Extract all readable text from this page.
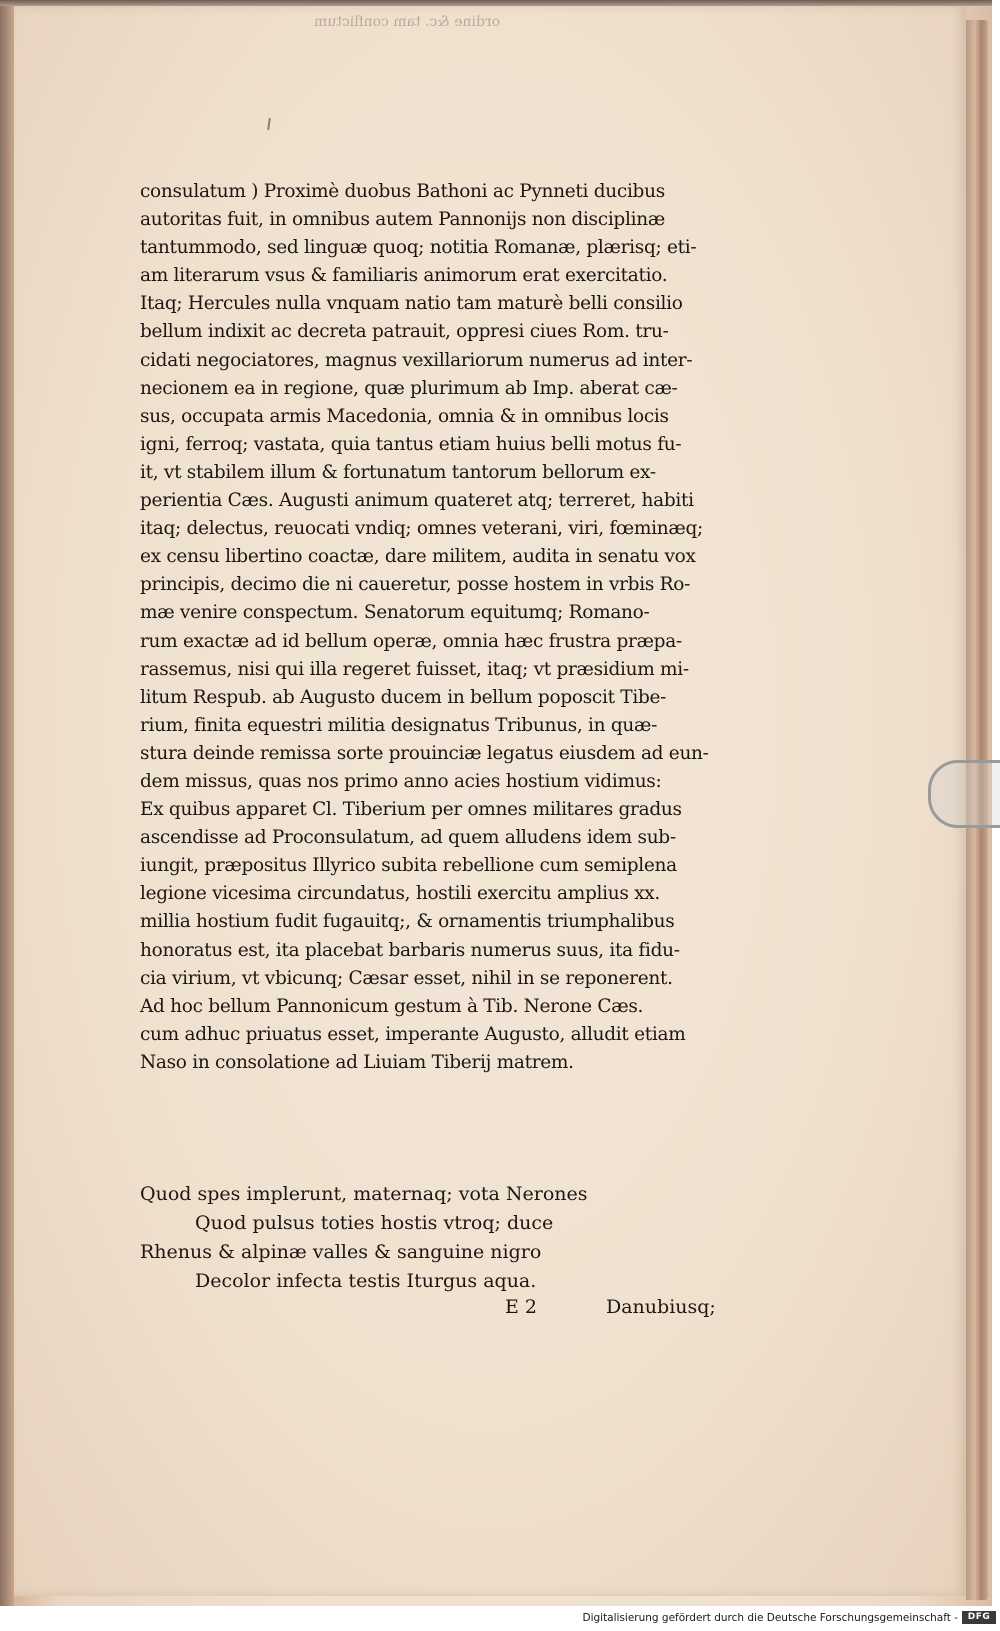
ordine &c. tam conflictum
consulatum ) Proximè duobus Bathoni ac Pynneti ducibus
autoritas fuit, in omnibus autem Pannonijs non disciplinæ
tantummodo, sed linguæ quoq; notitia Romanæ, plærisq; eti-
am literarum vsus & familiaris animorum erat exercitatio.
Itaq; Hercules nulla vnquam natio tam maturè belli consilio
bellum indixit ac decreta patrauit, oppresi ciues Rom. tru-
cidati negociatores, magnus vexillariorum numerus ad inter-
necionem ea in regione, quæ plurimum ab Imp. aberat cæ-
sus, occupata armis Macedonia, omnia & in omnibus locis
igni, ferroq; vastata, quia tantus etiam huius belli motus fu-
it, vt stabilem illum & fortunatum tantorum bellorum ex-
perientia Cæs. Augusti animum quateret atq; terreret, habiti
itaq; delectus, reuocati vndiq; omnes veterani, viri, fœminæq;
ex censu libertino coactæ, dare militem, audita in senatu vox
principis, decimo die ni caueretur, posse hostem in vrbis Ro-
mæ venire conspectum. Senatorum equitumq; Romano-
rum exactæ ad id bellum operæ, omnia hæc frustra præpa-
rassemus, nisi qui illa regeret fuisset, itaq; vt præsidium mi-
litum Respub. ab Augusto ducem in bellum poposcit Tibe-
rium, finita equestri militia designatus Tribunus, in quæ-
stura deinde remissa sorte prouinciæ legatus eiusdem ad eun-
dem missus, quas nos primo anno acies hostium vidimus:
Ex quibus apparet Cl. Tiberium per omnes militares gradus
ascendisse ad Proconsulatum, ad quem alludens idem sub-
iungit, præpositus Illyrico subita rebellione cum semiplena
legione vicesima circundatus, hostili exercitu amplius xx.
millia hostium fudit fugauitq;, & ornamentis triumphalibus
honoratus est, ita placebat barbaris numerus suus, ita fidu-
cia virium, vt vbicunq; Cæsar esset, nihil in se reponerent.
Ad hoc bellum Pannonicum gestum à Tib. Nerone Cæs.
cum adhuc priuatus esset, imperante Augusto, alludit etiam
Naso in consolatione ad Liuiam Tiberij matrem.
Quod spes implerunt, maternaq; vota Nerones
Quod pulsus toties hostis vtroq; duce
Rhenus & alpinæ valles & sanguine nigro
Decolor infecta testis Iturgus aqua.
E 2	Danubiusq;
Digitalisierung gefördert durch die Deutsche Forschungsgemeinschaft -	DFG
